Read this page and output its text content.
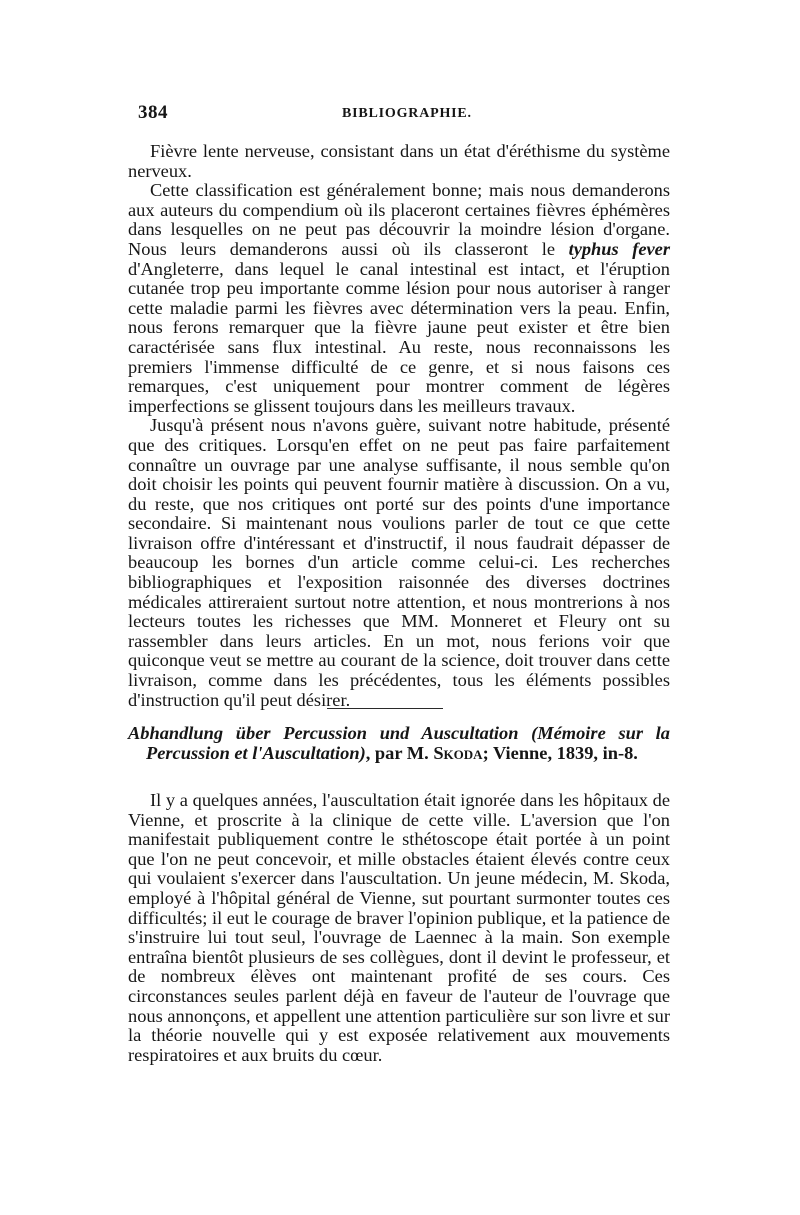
384	BIBLIOGRAPHIE.

Fièvre lente nerveuse, consistant dans un état d'éréthisme du système nerveux.

Cette classification est généralement bonne; mais nous demanderons aux auteurs du compendium où ils placeront certaines fièvres éphémères dans lesquelles on ne peut pas découvrir la moindre lésion d'organe. Nous leurs demanderons aussi où ils classeront le typhus fever d'Angleterre, dans lequel le canal intestinal est intact, et l'éruption cutanée trop peu importante comme lésion pour nous autoriser à ranger cette maladie parmi les fièvres avec détermination vers la peau. Enfin, nous ferons remarquer que la fièvre jaune peut exister et être bien caractérisée sans flux intestinal. Au reste, nous reconnaissons les premiers l'immense difficulté de ce genre, et si nous faisons ces remarques, c'est uniquement pour montrer comment de légères imperfections se glissent toujours dans les meilleurs travaux.

Jusqu'à présent nous n'avons guère, suivant notre habitude, présenté que des critiques. Lorsqu'en effet on ne peut pas faire parfaitement connaître un ouvrage par une analyse suffisante, il nous semble qu'on doit choisir les points qui peuvent fournir matière à discussion. On a vu, du reste, que nos critiques ont porté sur des points d'une importance secondaire. Si maintenant nous voulions parler de tout ce que cette livraison offre d'intéressant et d'instructif, il nous faudrait dépasser de beaucoup les bornes d'un article comme celui-ci. Les recherches bibliographiques et l'exposition raisonnée des diverses doctrines médicales attireraient surtout notre attention, et nous montrerions à nos lecteurs toutes les richesses que MM. Monneret et Fleury ont su rassembler dans leurs articles. En un mot, nous ferions voir que quiconque veut se mettre au courant de la science, doit trouver dans cette livraison, comme dans les précédentes, tous les éléments possibles d'instruction qu'il peut désirer.

Abhandlung über Percussion und Auscultation (Mémoire sur la Percussion et l'Auscultation), par M. Skoda; Vienne, 1839, in-8.

Il y a quelques années, l'auscultation était ignorée dans les hôpitaux de Vienne, et proscrite à la clinique de cette ville. L'aversion que l'on manifestait publiquement contre le sthétoscope était portée à un point que l'on ne peut concevoir, et mille obstacles étaient élevés contre ceux qui voulaient s'exercer dans l'auscultation. Un jeune médecin, M. Skoda, employé à l'hôpital général de Vienne, sut pourtant surmonter toutes ces difficultés; il eut le courage de braver l'opinion publique, et la patience de s'instruire lui tout seul, l'ouvrage de Laennec à la main. Son exemple entraîna bientôt plusieurs de ses collègues, dont il devint le professeur, et de nombreux élèves ont maintenant profité de ses cours. Ces circonstances seules parlent déjà en faveur de l'auteur de l'ouvrage que nous annonçons, et appellent une attention particulière sur son livre et sur la théorie nouvelle qui y est exposée relativement aux mouvements respiratoires et aux bruits du cœur.
